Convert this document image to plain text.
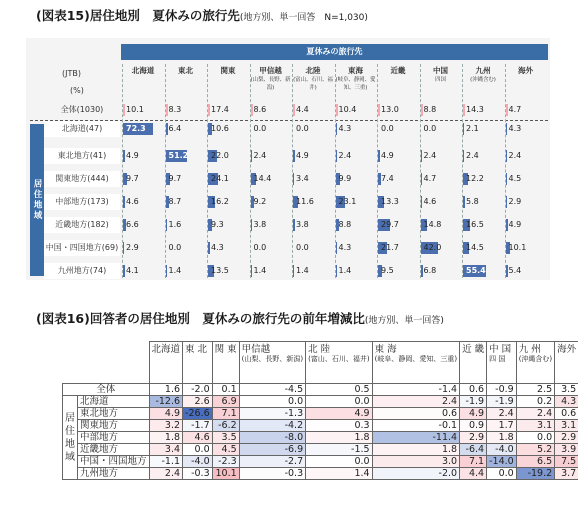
(図表15)居住地別　夏休みの旅行先(地方別、単一回答　N=1,030)
夏休みの旅行先
(JTB)
(%)
居住地域
北海道	東北	関東	甲信越
(山梨、長野、新潟)
北陸
(富山、石川、福井)
東海
(岐阜、静岡、愛知、三重)
近畿	中国
四国
九州
(沖縄含む)
海外
全体(1030)	10.1	8.3	17.4	8.6	4.4	10.4	13.0	8.8	14.3	4.7
北海道(47)	72.3	6.4	10.6	0.0	0.0	4.3	0.0	0.0	2.1	4.3
東北地方(41)	4.9	51.2	22.0	2.4	4.9	2.4	4.9	2.4	2.4	2.4
関東地方(444)	9.7	9.7	24.1	14.4	3.4	9.9	7.4	4.7	12.2	4.5
中部地方(173)	4.6	8.7	16.2	9.2	11.6	23.1	13.3	4.6	5.8	2.9
近畿地方(182)	6.6	1.6	9.3	3.8	3.8	8.8	29.7	14.8	16.5	4.9
中国・四国地方(69) 2.9	0.0	4.3	0.0	0.0	4.3	21.7	42.0	14.5	10.1
九州地方(74)	4.1	1.4	13.5	1.4	1.4	1.4	9.5	6.8	55.4	5.4
(図表16)回答者の居住地別　夏休みの旅行先の前年増減比(地方別、単一回答)
		北海道	東 北	関 東	甲信越
(山梨、長野、新潟)	北 陸
(富山、石川、福井)	東 海
(岐阜、静岡、愛知、三重)	近 畿	中 国
四 国	九 州
(沖縄含む)	海外

全体		1.6	-2.0	0.1	-4.5	0.5	-1.4	0.6	-0.9	2.5	3.5
居
住
地
域	北海道	-12.6	2.6	6.9	0.0	0.0	2.4	-1.9	-1.9	0.2	4.3
	東北地方	4.9	-26.6	7.1	-1.3	4.9	0.6	4.9	2.4	2.4	0.6
	関東地方	3.2	-1.7	-6.2	-4.2	0.3	-0.1	0.9	1.7	3.1	3.1
	中部地方	1.8	4.6	3.5	-8.0	1.8	-11.4	2.9	1.8	0.0	2.9
	近畿地方	3.4	0.0	4.5	-6.9	-1.5	1.8	-6.4	-4.0	5.2	3.9
	中国・四国地方	-1.1	-4.0	-2.3	-2.7	0.0	3.0	7.1	-14.0	6.5	7.5
	九州地方	2.4	-0.3	10.1	-0.3	1.4	-2.0	4.4	0.0	-19.2	3.7
